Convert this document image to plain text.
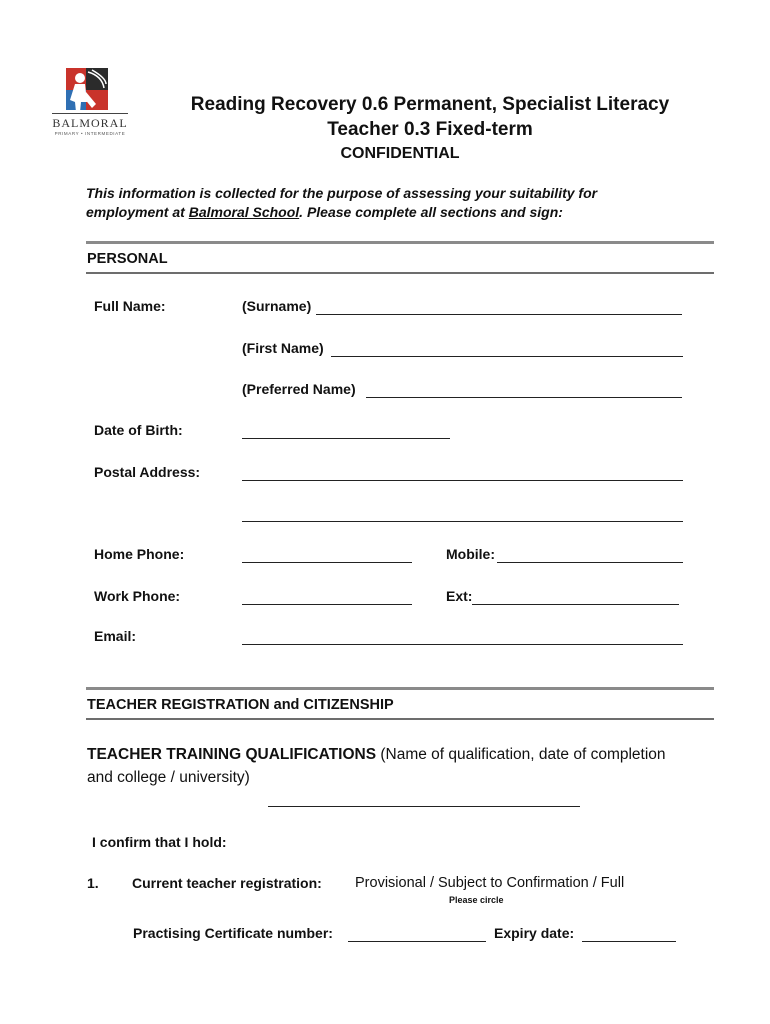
BALMORAL
PRIMARY • INTERMEDIATE
Reading Recovery 0.6 Permanent, Specialist Literacy
Teacher 0.3 Fixed-term
CONFIDENTIAL
This information is collected for the purpose of assessing your suitability for
employment at Balmoral School. Please complete all sections and sign:
PERSONAL
Full Name:	(Surname)
(First Name)
(Preferred Name)
Date of Birth:
Postal Address:
Home Phone:	Mobile:
Work Phone:	Ext:
Email:
TEACHER REGISTRATION and CITIZENSHIP
TEACHER TRAINING QUALIFICATIONS (Name of qualification, date of completion
and college / university)
I confirm that I hold:
1. Current teacher registration: Provisional / Subject to Confirmation / Full
Please circle
Practising Certificate number:	Expiry date:
